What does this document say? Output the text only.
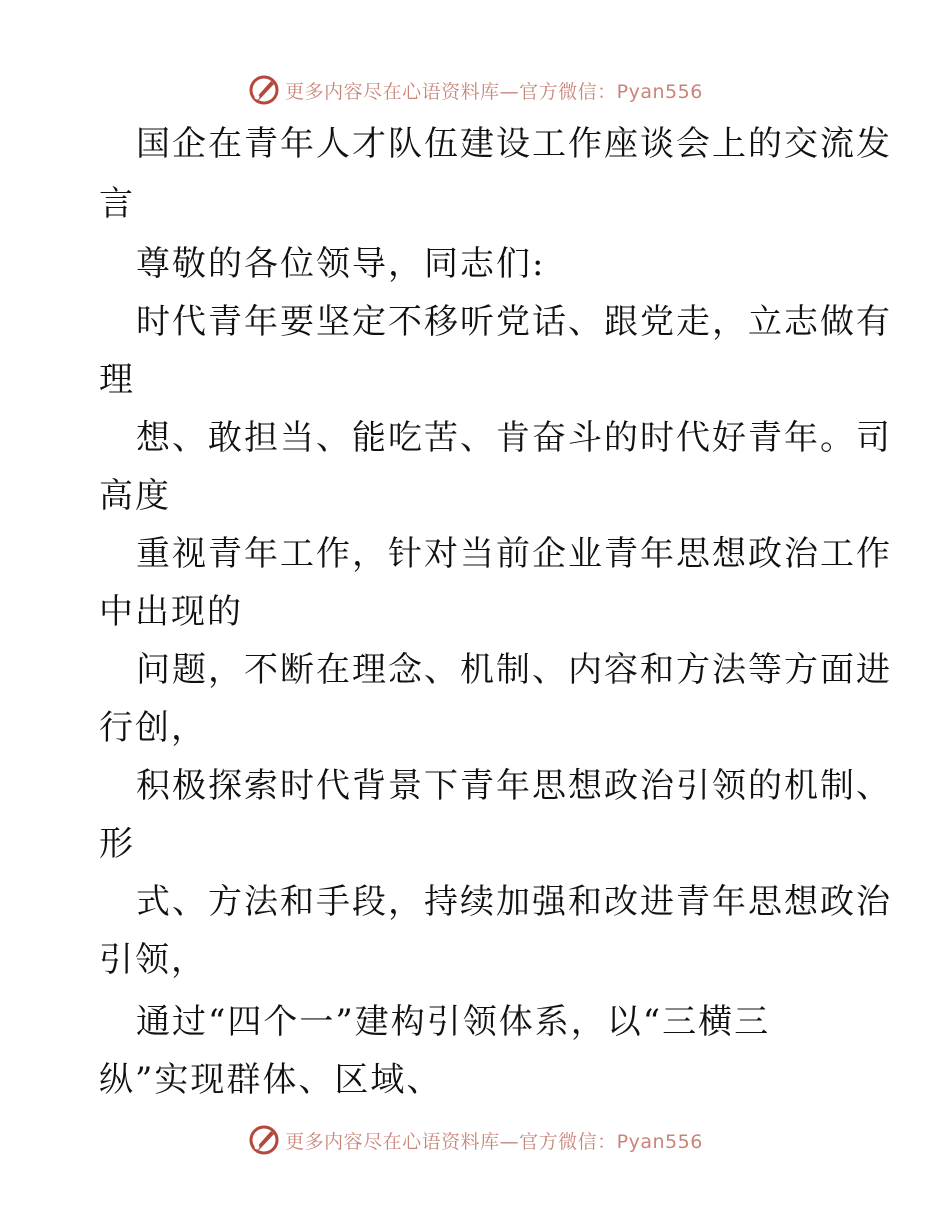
更多内容尽在心语资料库—官方微信：Pyan556
国企在青年人才队伍建设工作座谈会上的交流发
言
尊敬的各位领导，同志们:
时代青年要坚定不移听党话、跟党走，立志做有
理
想、敢担当、能吃苦、肯奋斗的时代好青年。司
高度
重视青年工作，针对当前企业青年思想政治工作
中出现的
问题，不断在理念、机制、内容和方法等方面进
行创，
积极探索时代背景下青年思想政治引领的机制、
形
式、方法和手段，持续加强和改进青年思想政治
引领，
通过“四个一”建构引领体系，以“三横三
纵”实现群体、区域、
更多内容尽在心语资料库—官方微信：Pyan556
